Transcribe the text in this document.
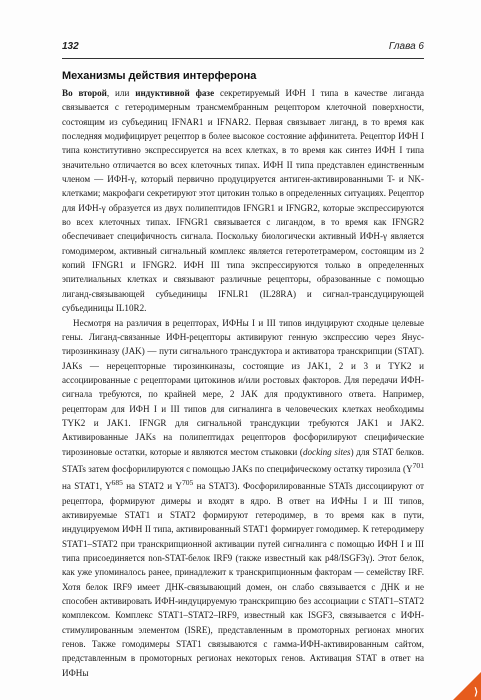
132	Глава 6
Механизмы действия интерферона

Во второй, или индуктивной фазе секретируемый ИФН I типа в качестве лиганда связывается с гетеродимерным трансмембранным рецептором клеточной поверхности, состоящим из субъединиц IFNAR1 и IFNAR2. Первая связывает лиганд, в то время как последняя модифицирует рецептор в более высокое состояние аффинитета. Рецептор ИФН I типа конститутивно экспрессируется на всех клетках, в то время как синтез ИФН I типа значительно отличается во всех клеточных типах. ИФН II типа представлен единственным членом — ИФН-γ, который первично продуцируется антиген-активированными T- и NK-клетками; макрофаги секретируют этот цитокин только в определенных ситуациях. Рецептор для ИФН-γ образуется из двух полипептидов IFNGR1 и IFNGR2, которые экспрессируются во всех клеточных типах. IFNGR1 связывается с лигандом, в то время как IFNGR2 обеспечивает специфичность сигнала. Поскольку биологически активный ИФН-γ является гомодимером, активный сигнальный комплекс является гетеротетрамером, состоящим из 2 копий IFNGR1 и IFNGR2. ИФН III типа экспрессируются только в определенных эпителиальных клетках и связывают различные рецепторы, образованные с помощью лиганд-связывающей субъединицы IFNLR1 (IL28RA) и сигнал-трансдуцирующей субъединицы IL10R2.

Несмотря на различия в рецепторах, ИФНы I и III типов индуцируют сходные целевые гены. Лиганд-связанные ИФН-рецепторы активируют генную экспрессию через Янус-тирозинкиназу (JAK) — пути сигнального трансдуктора и активатора транскрипции (STAT). JAKs — нерецепторные тирозинкиназы, состоящие из JAK1, 2 и 3 и TYK2 и ассоциированные с рецепторами цитокинов и/или ростовых факторов. Для передачи ИФН-сигнала требуются, по крайней мере, 2 JAK для продуктивного ответа. Например, рецепторам для ИФН I и III типов для сигналинга в человеческих клетках необходимы TYK2 и JAK1. IFNGR для сигнальной трансдукции требуются JAK1 и JAK2. Активированные JAKs на полипептидах рецепторов фосфорилируют специфические тирозиновые остатки, которые и являются местом стыковки (docking sites) для STAT белков. STATs затем фосфорилируются с помощью JAKs по специфическому остатку тирозила ($Y^{701}$ на STAT1, $Y^{685}$ на STAT2 и $Y^{705}$ на STAT3). Фосфорилированные STATs диссоциируют от рецептора, формируют димеры и входят в ядро. В ответ на ИФНы I и III типов, активируемые STAT1 и STAT2 формируют гетеродимер, в то время как в пути, индуцируемом ИФН II типа, активированный STAT1 формирует гомодимер. К гетеродимеру STAT1–STAT2 при транскрипционной активации путей сигналинга с помощью ИФН I и III типа присоединяется non-STAT-белок IRF9 (также известный как p48/ISGF3γ). Этот белок, как уже упоминалось ранее, принадлежит к транскрипционным факторам — семейству IRF. Хотя белок IRF9 имеет ДНК-связывающий домен, он слабо связывается с ДНК и не способен активировать ИФН-индуцируемую транскрипцию без ассоциации с STAT1–STAT2 комплексом. Комплекс STAT1–STAT2–IRF9, известный как ISGF3, связывается с ИФН-стимулированным элементом (ISRE), представленным в промоторных регионах многих генов. Также гомодимеры STAT1 связываются с гамма-ИФН-активированным сайтом, представленным в промоторных регионах некоторых генов. Активация STAT в ответ на ИФНы

⟩
